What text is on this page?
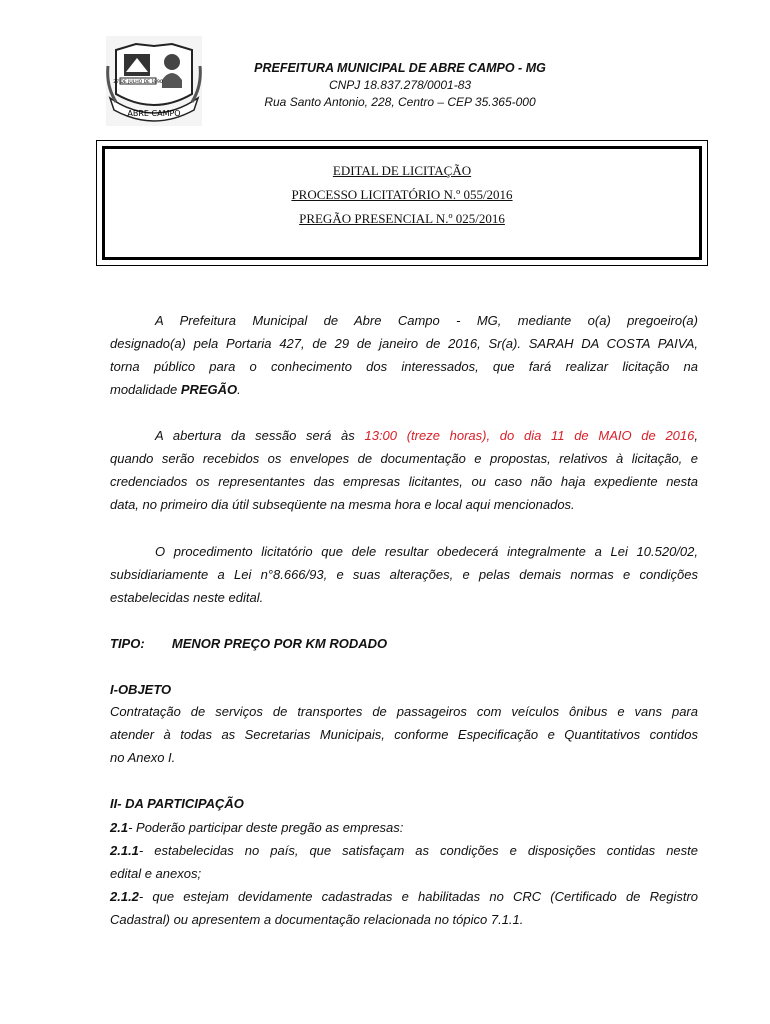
27 DE JULHO DE 1890
ABRE CAMPO
PREFEITURA MUNICIPAL DE ABRE CAMPO - MG
CNPJ 18.837.278/0001-83
Rua Santo Antonio, 228, Centro – CEP 35.365-000
EDITAL DE LICITAÇÃO
PROCESSO LICITATÓRIO N.º 055/2016
PREGÃO PRESENCIAL N.º 025/2016
A Prefeitura Municipal de Abre Campo - MG, mediante o(a) pregoeiro(a)
designado(a) pela Portaria 427, de 29 de janeiro de 2016, Sr(a). SARAH DA COSTA PAIVA,
torna público para o conhecimento dos interessados, que fará realizar licitação na
modalidade PREGÃO.
A abertura da sessão será às 13:00 (treze horas), do dia 11 de MAIO de 2016,
quando serão recebidos os envelopes de documentação e propostas, relativos à licitação, e
credenciados os representantes das empresas licitantes, ou caso não haja expediente nesta
data, no primeiro dia útil subseqüente na mesma hora e local aqui mencionados.
O procedimento licitatório que dele resultar obedecerá integralmente a Lei 10.520/02,
subsidiariamente a Lei n°8.666/93, e suas alterações, e pelas demais normas e condições
estabelecidas neste edital.
TIPO: MENOR PREÇO POR KM RODADO
I-OBJETO
Contratação de serviços de transportes de passageiros com veículos ônibus e vans para
atender à todas as Secretarias Municipais, conforme Especificação e Quantitativos contidos
no Anexo I.
II- DA PARTICIPAÇÃO
2.1- Poderão participar deste pregão as empresas:
2.1.1- estabelecidas no país, que satisfaçam as condições e disposições contidas neste
edital e anexos;
2.1.2- que estejam devidamente cadastradas e habilitadas no CRC (Certificado de Registro
Cadastral) ou apresentem a documentação relacionada no tópico 7.1.1.
